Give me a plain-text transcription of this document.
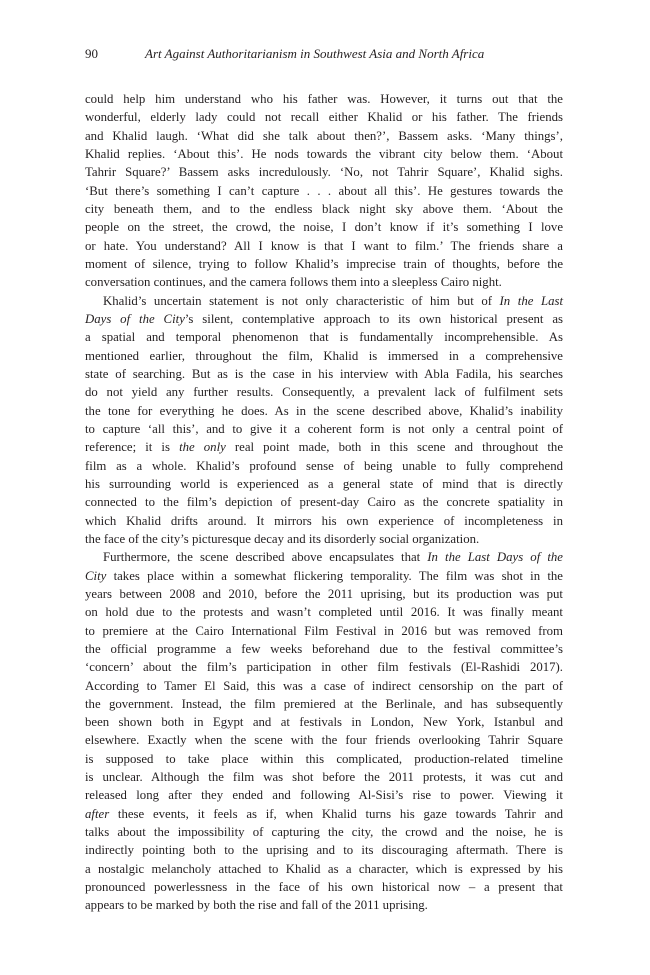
90	Art Against Authoritarianism in Southwest Asia and North Africa
could help him understand who his father was. However, it turns out that the
wonderful, elderly lady could not recall either Khalid or his father. The friends
and Khalid laugh. ‘What did she talk about then?’, Bassem asks. ‘Many things’,
Khalid replies. ‘About this’. He nods towards the vibrant city below them. ‘About
Tahrir Square?’ Bassem asks incredulously. ‘No, not Tahrir Square’, Khalid sighs.
‘But there’s something I can’t capture . . . about all this’. He gestures towards the
city beneath them, and to the endless black night sky above them. ‘About the
people on the street, the crowd, the noise, I don’t know if it’s something I love
or hate. You understand? All I know is that I want to film.’ The friends share a
moment of silence, trying to follow Khalid’s imprecise train of thoughts, before the
conversation continues, and the camera follows them into a sleepless Cairo night.
Khalid’s uncertain statement is not only characteristic of him but of In the Last
Days of the City’s silent, contemplative approach to its own historical present as
a spatial and temporal phenomenon that is fundamentally incomprehensible. As
mentioned earlier, throughout the film, Khalid is immersed in a comprehensive
state of searching. But as is the case in his interview with Abla Fadila, his searches
do not yield any further results. Consequently, a prevalent lack of fulfilment sets
the tone for everything he does. As in the scene described above, Khalid’s inability
to capture ‘all this’, and to give it a coherent form is not only a central point of
reference; it is the only real point made, both in this scene and throughout the
film as a whole. Khalid’s profound sense of being unable to fully comprehend
his surrounding world is experienced as a general state of mind that is directly
connected to the film’s depiction of present-day Cairo as the concrete spatiality in
which Khalid drifts around. It mirrors his own experience of incompleteness in
the face of the city’s picturesque decay and its disorderly social organization.
Furthermore, the scene described above encapsulates that In the Last Days of the
City takes place within a somewhat flickering temporality. The film was shot in the
years between 2008 and 2010, before the 2011 uprising, but its production was put
on hold due to the protests and wasn’t completed until 2016. It was finally meant
to premiere at the Cairo International Film Festival in 2016 but was removed from
the official programme a few weeks beforehand due to the festival committee’s
‘concern’ about the film’s participation in other film festivals (El-Rashidi 2017).
According to Tamer El Said, this was a case of indirect censorship on the part of
the government. Instead, the film premiered at the Berlinale, and has subsequently
been shown both in Egypt and at festivals in London, New York, Istanbul and
elsewhere. Exactly when the scene with the four friends overlooking Tahrir Square
is supposed to take place within this complicated, production-related timeline
is unclear. Although the film was shot before the 2011 protests, it was cut and
released long after they ended and following Al-Sisi’s rise to power. Viewing it
after these events, it feels as if, when Khalid turns his gaze towards Tahrir and
talks about the impossibility of capturing the city, the crowd and the noise, he is
indirectly pointing both to the uprising and to its discouraging aftermath. There is
a nostalgic melancholy attached to Khalid as a character, which is expressed by his
pronounced powerlessness in the face of his own historical now – a present that
appears to be marked by both the rise and fall of the 2011 uprising.
